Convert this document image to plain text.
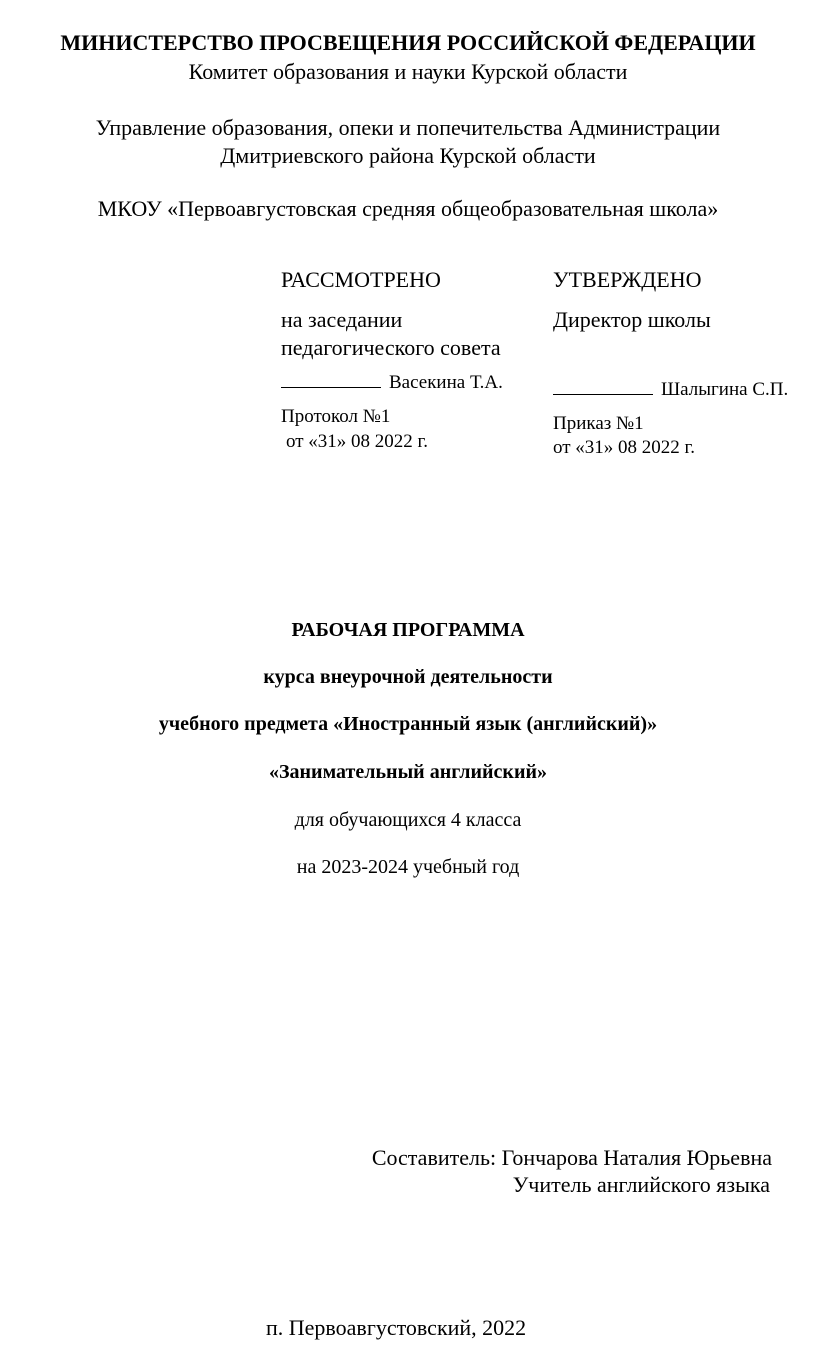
МИНИСТЕРСТВО ПРОСВЕЩЕНИЯ РОССИЙСКОЙ ФЕДЕРАЦИИ
Комитет образования и науки Курской области
Управление образования, опеки и попечительства Администрации
Дмитриевского района Курской области
МКОУ «Первоавгустовская средняя общеобразовательная школа»
РАССМОТРЕНО
на заседании
педагогического совета
Васекина Т.А.
Протокол №1
от «31» 08 2022 г.
УТВЕРЖДЕНО
Директор школы
Шалыгина С.П.
Приказ №1
от «31» 08 2022 г.
РАБОЧАЯ ПРОГРАММА
курса внеурочной деятельности
учебного предмета «Иностранный язык (английский)»
«Занимательный английский»
для обучающихся 4 класса
на 2023-2024 учебный год
Составитель: Гончарова Наталия Юрьевна
Учитель английского языка
п. Первоавгустовский, 2022
